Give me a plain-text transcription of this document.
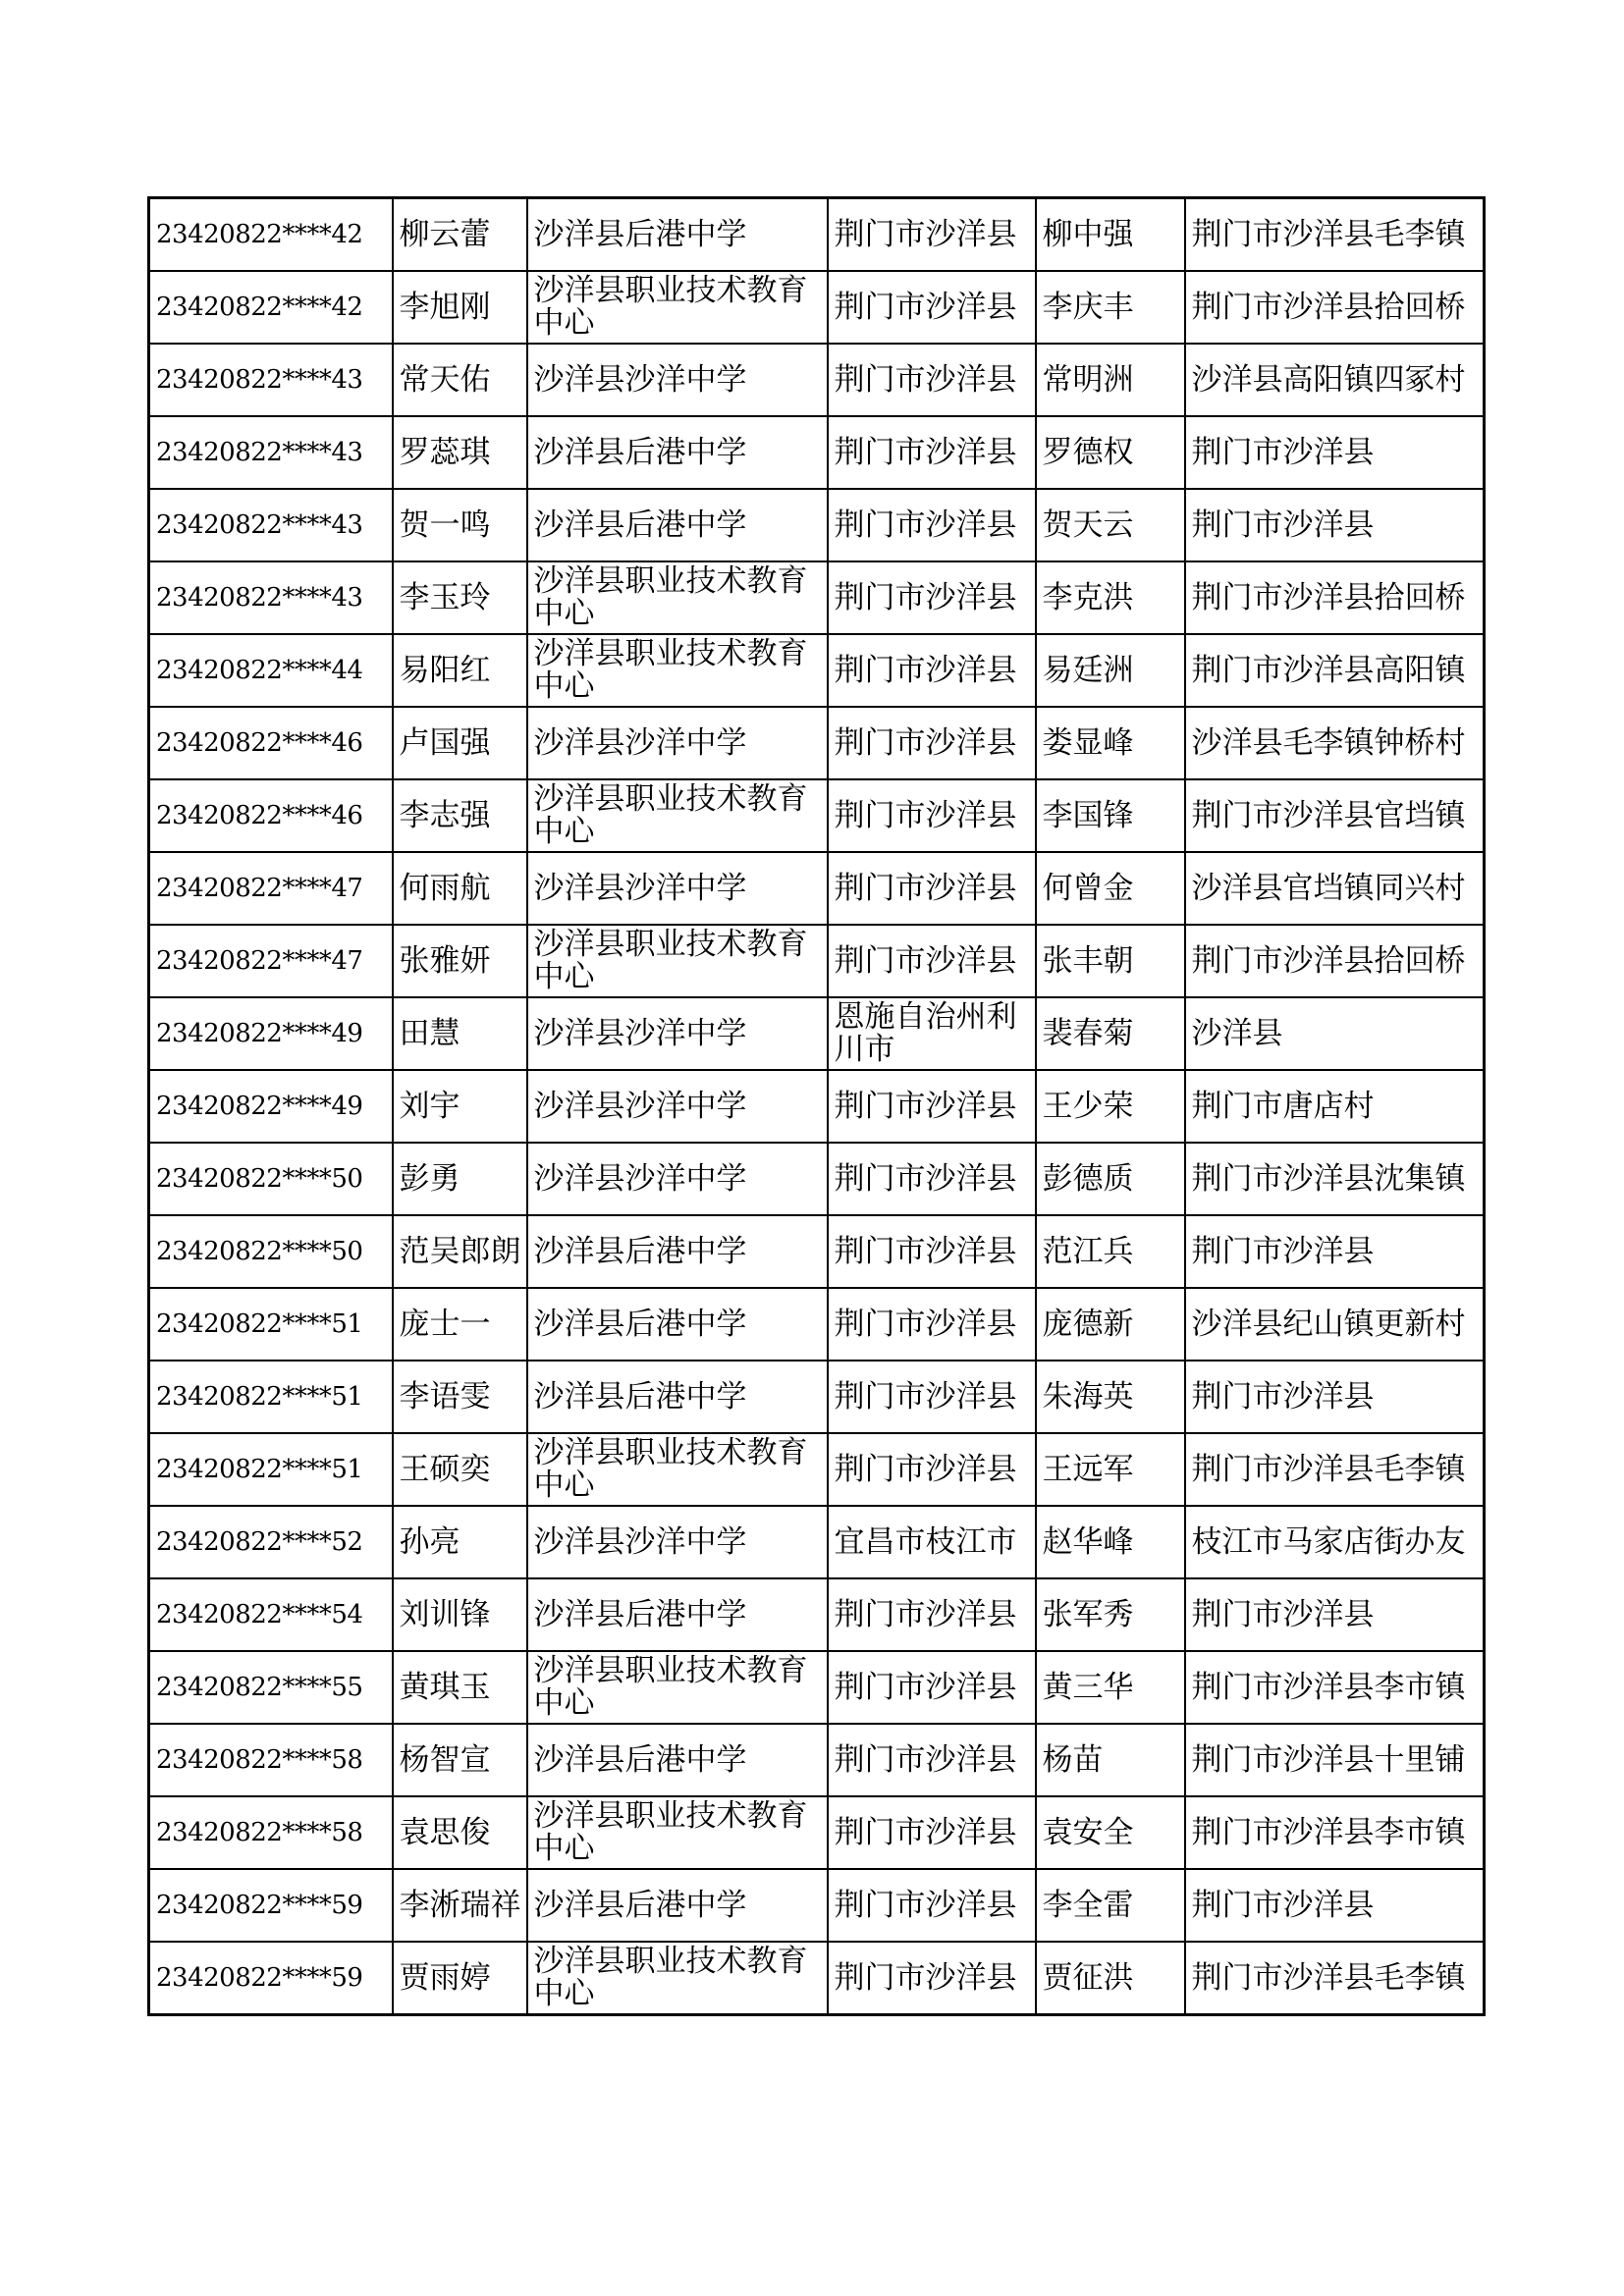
23420822****42	柳云蕾	沙洋县后港中学	荆门市沙洋县	柳中强	荆门市沙洋县毛李镇
23420822****42	李旭刚	沙洋县职业技术教育中心	荆门市沙洋县	李庆丰	荆门市沙洋县拾回桥
23420822****43	常天佑	沙洋县沙洋中学	荆门市沙洋县	常明洲	沙洋县高阳镇四冢村
23420822****43	罗蕊琪	沙洋县后港中学	荆门市沙洋县	罗德权	荆门市沙洋县
23420822****43	贺一鸣	沙洋县后港中学	荆门市沙洋县	贺天云	荆门市沙洋县
23420822****43	李玉玲	沙洋县职业技术教育中心	荆门市沙洋县	李克洪	荆门市沙洋县拾回桥
23420822****44	易阳红	沙洋县职业技术教育中心	荆门市沙洋县	易廷洲	荆门市沙洋县高阳镇
23420822****46	卢国强	沙洋县沙洋中学	荆门市沙洋县	娄显峰	沙洋县毛李镇钟桥村
23420822****46	李志强	沙洋县职业技术教育中心	荆门市沙洋县	李国锋	荆门市沙洋县官垱镇
23420822****47	何雨航	沙洋县沙洋中学	荆门市沙洋县	何曾金	沙洋县官垱镇同兴村
23420822****47	张雅妍	沙洋县职业技术教育中心	荆门市沙洋县	张丰朝	荆门市沙洋县拾回桥
23420822****49	田慧	沙洋县沙洋中学	恩施自治州利川市	裴春菊	沙洋县
23420822****49	刘宇	沙洋县沙洋中学	荆门市沙洋县	王少荣	荆门市唐店村
23420822****50	彭勇	沙洋县沙洋中学	荆门市沙洋县	彭德质	荆门市沙洋县沈集镇
23420822****50	范吴郎朗	沙洋县后港中学	荆门市沙洋县	范江兵	荆门市沙洋县
23420822****51	庞士一	沙洋县后港中学	荆门市沙洋县	庞德新	沙洋县纪山镇更新村
23420822****51	李语雯	沙洋县后港中学	荆门市沙洋县	朱海英	荆门市沙洋县
23420822****51	王硕奕	沙洋县职业技术教育中心	荆门市沙洋县	王远军	荆门市沙洋县毛李镇
23420822****52	孙亮	沙洋县沙洋中学	宜昌市枝江市	赵华峰	枝江市马家店街办友
23420822****54	刘训锋	沙洋县后港中学	荆门市沙洋县	张军秀	荆门市沙洋县
23420822****55	黄琪玉	沙洋县职业技术教育中心	荆门市沙洋县	黄三华	荆门市沙洋县李市镇
23420822****58	杨智宣	沙洋县后港中学	荆门市沙洋县	杨苗	荆门市沙洋县十里铺
23420822****58	袁思俊	沙洋县职业技术教育中心	荆门市沙洋县	袁安全	荆门市沙洋县李市镇
23420822****59	李淅瑞祥	沙洋县后港中学	荆门市沙洋县	李全雷	荆门市沙洋县
23420822****59	贾雨婷	沙洋县职业技术教育中心	荆门市沙洋县	贾征洪	荆门市沙洋县毛李镇
